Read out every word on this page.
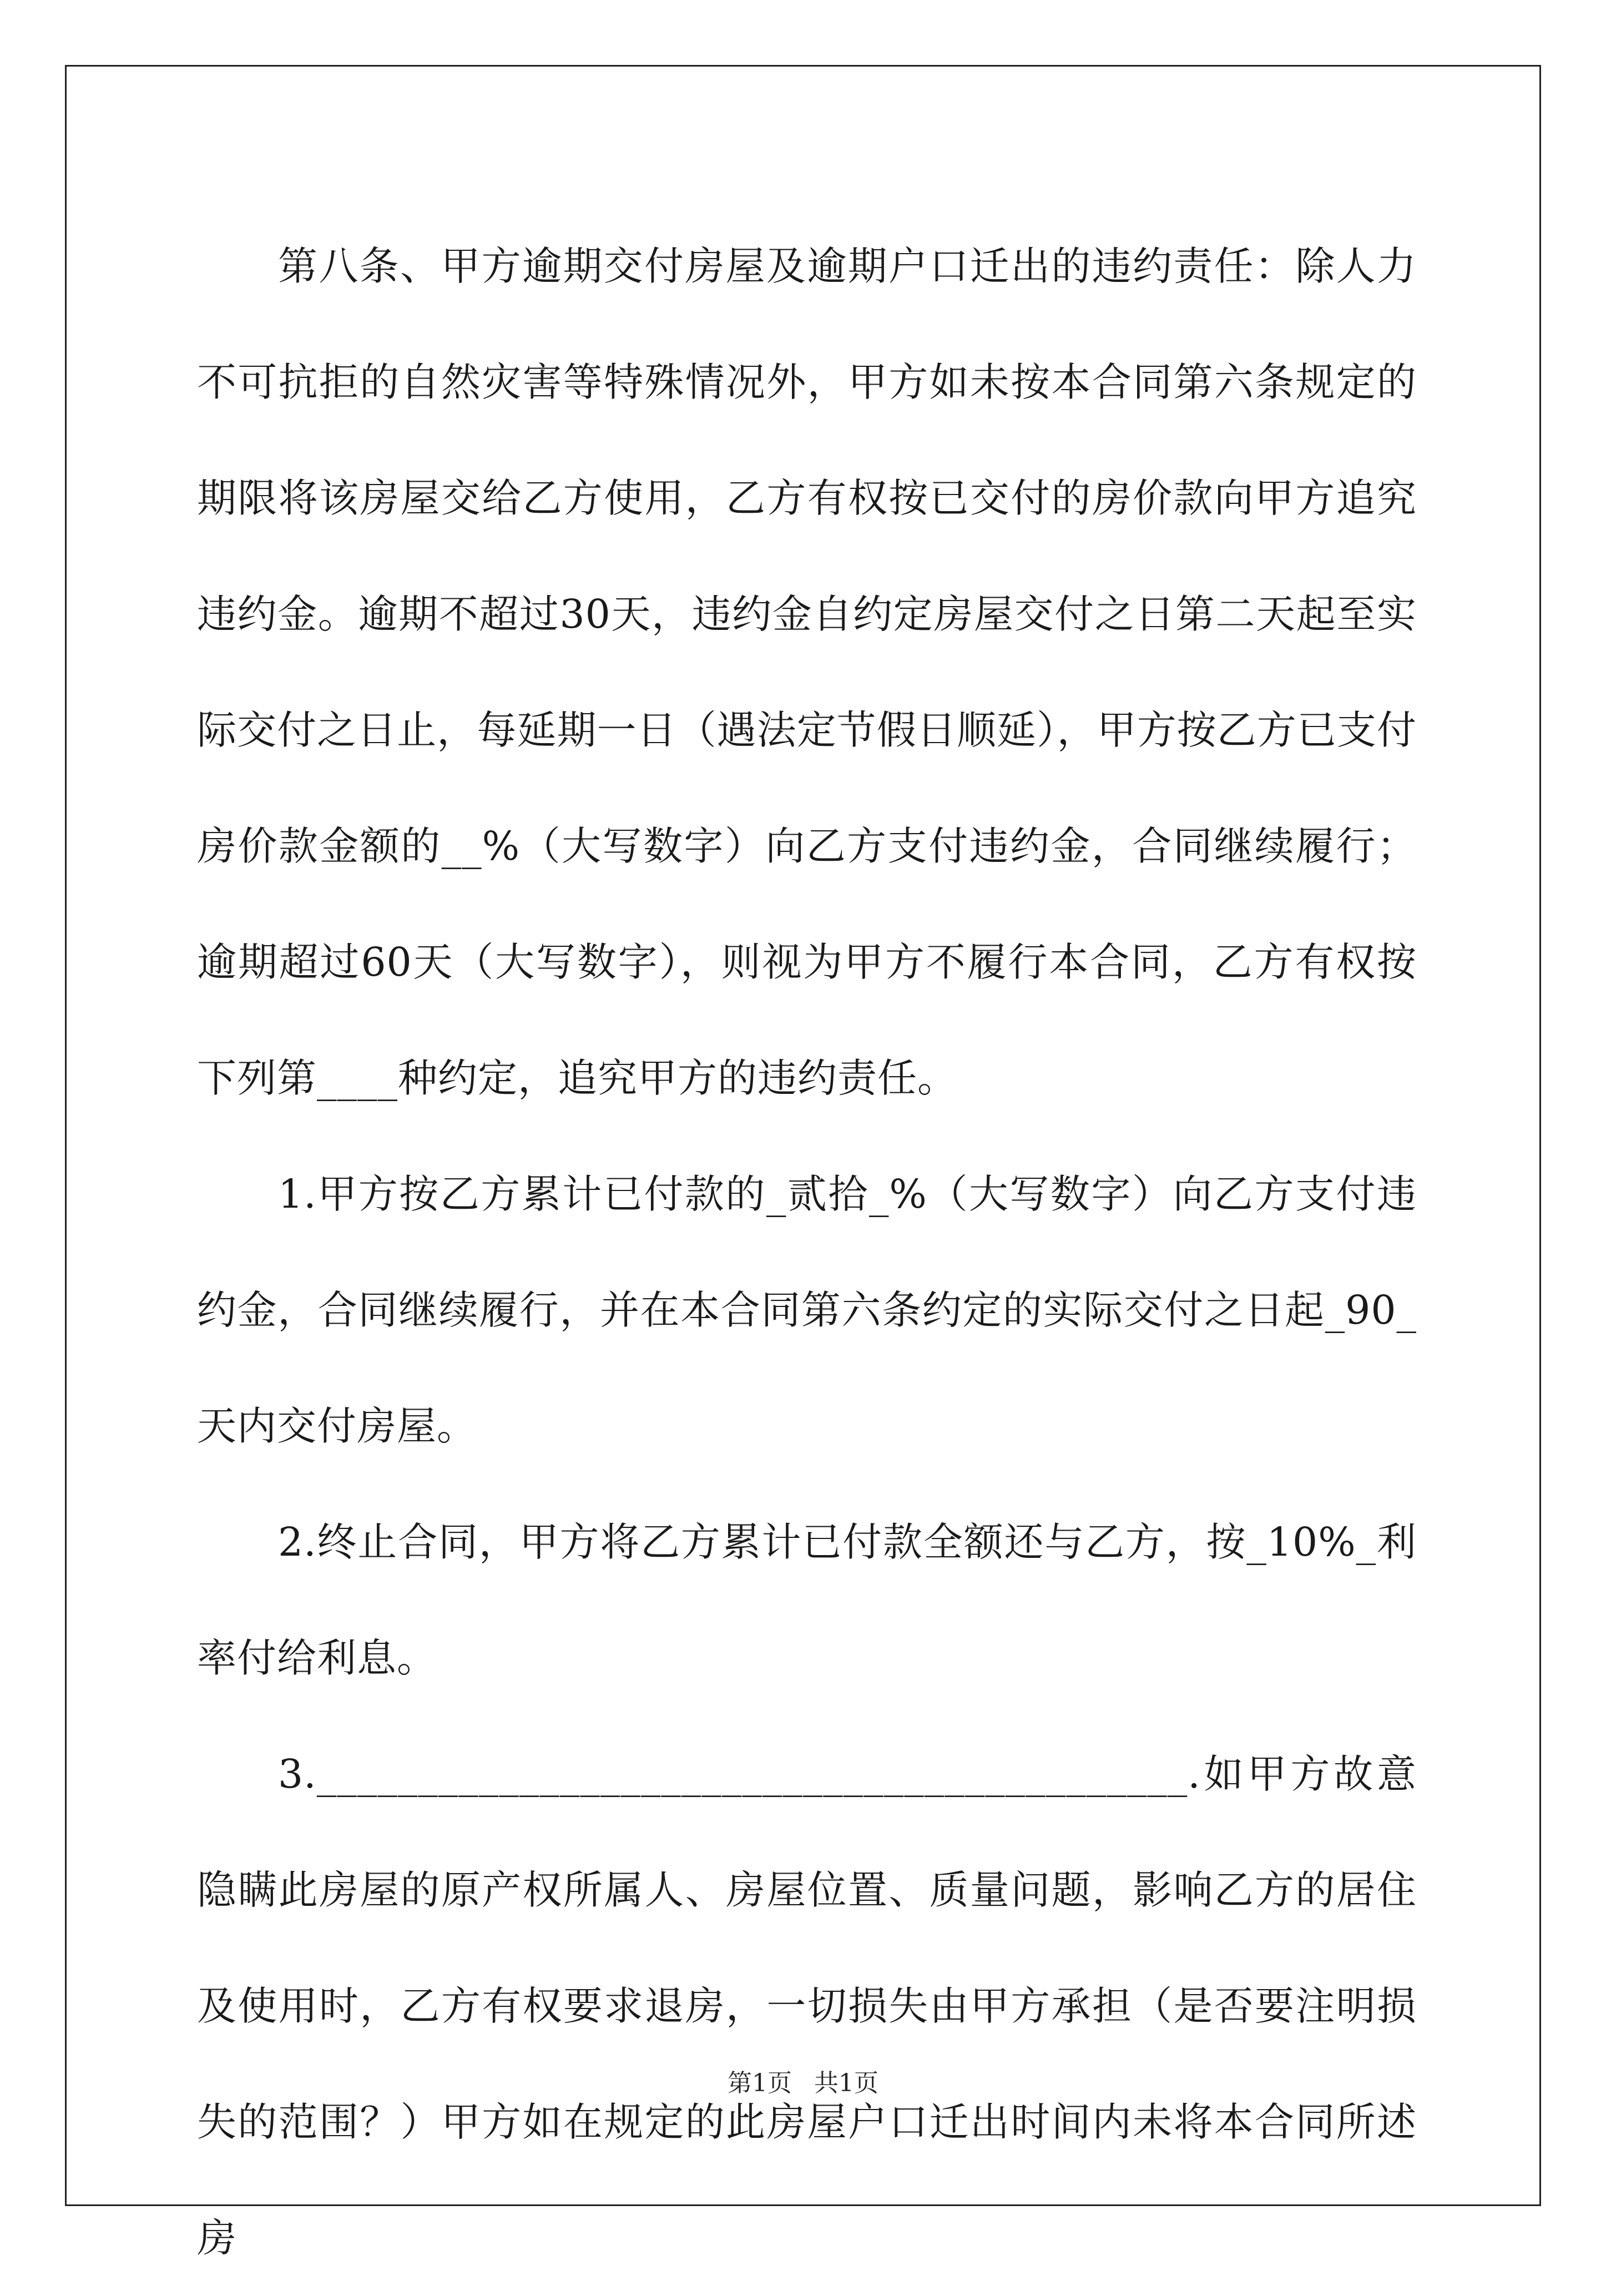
第八条、甲方逾期交付房屋及逾期户口迁出的违约责任：除人力不可抗拒的自然灾害等特殊情况外，甲方如未按本合同第六条规定的期限将该房屋交给乙方使用，乙方有权按已交付的房价款向甲方追究违约金。逾期不超过30天，违约金自约定房屋交付之日第二天起至实际交付之日止，每延期一日（遇法定节假日顺延），甲方按乙方已支付房价款金额的__%（大写数字）向乙方支付违约金，合同继续履行；逾期超过60天（大写数字），则视为甲方不履行本合同，乙方有权按下列第____种约定，追究甲方的违约责任。

1.甲方按乙方累计已付款的_贰拾_%（大写数字）向乙方支付违约金，合同继续履行，并在本合同第六条约定的实际交付之日起_90_天内交付房屋。

2.终止合同，甲方将乙方累计已付款全额还与乙方，按_10%_利率付给利息。

3.___________________________________________.如甲方故意隐瞒此房屋的原产权所属人、房屋位置、质量问题，影响乙方的居住及使用时，乙方有权要求退房，一切损失由甲方承担（是否要注明损失的范围？）甲方如在规定的此房屋户口迁出时间内未将本合同所述房

第1页 共1页
